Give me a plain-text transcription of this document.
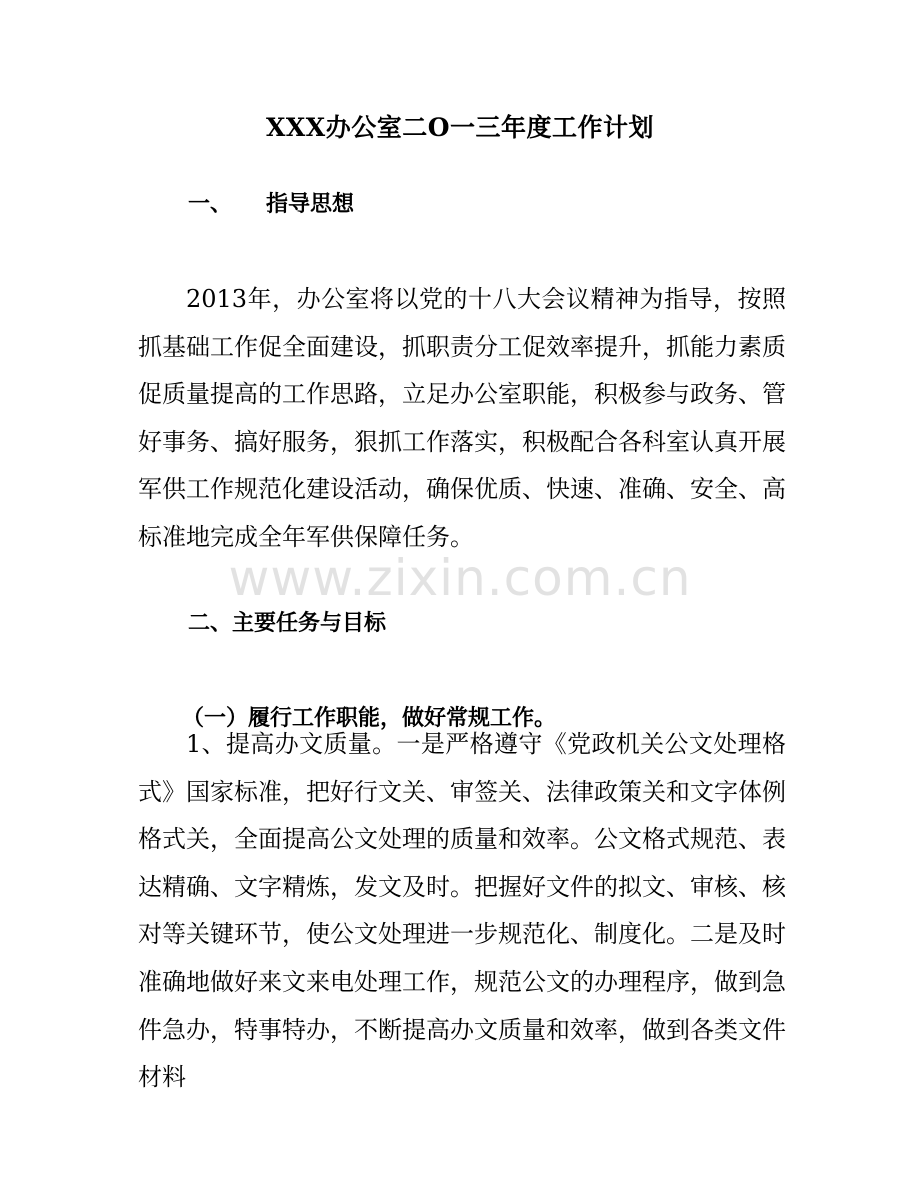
XXX办公室二O一三年度工作计划
一、 指导思想

2013年，办公室将以党的十八大会议精神为指导，按照抓基础工作促全面建设，抓职责分工促效率提升，抓能力素质促质量提高的工作思路，立足办公室职能，积极参与政务、管好事务、搞好服务，狠抓工作落实，积极配合各科室认真开展军供工作规范化建设活动，确保优质、快速、准确、安全、高标准地完成全年军供保障任务。

二、主要任务与目标
（一）履行工作职能，做好常规工作。

1、提高办文质量。一是严格遵守《党政机关公文处理格式》国家标准，把好行文关、审签关、法律政策关和文字体例格式关，全面提高公文处理的质量和效率。公文格式规范、表达精确、文字精炼，发文及时。把握好文件的拟文、审核、核对等关键环节，使公文处理进一步规范化、制度化。二是及时准确地做好来文来电处理工作，规范公文的办理程序，做到急件急办，特事特办，不断提高办文质量和效率，做到各类文件材料

www.zixin.com.cn
